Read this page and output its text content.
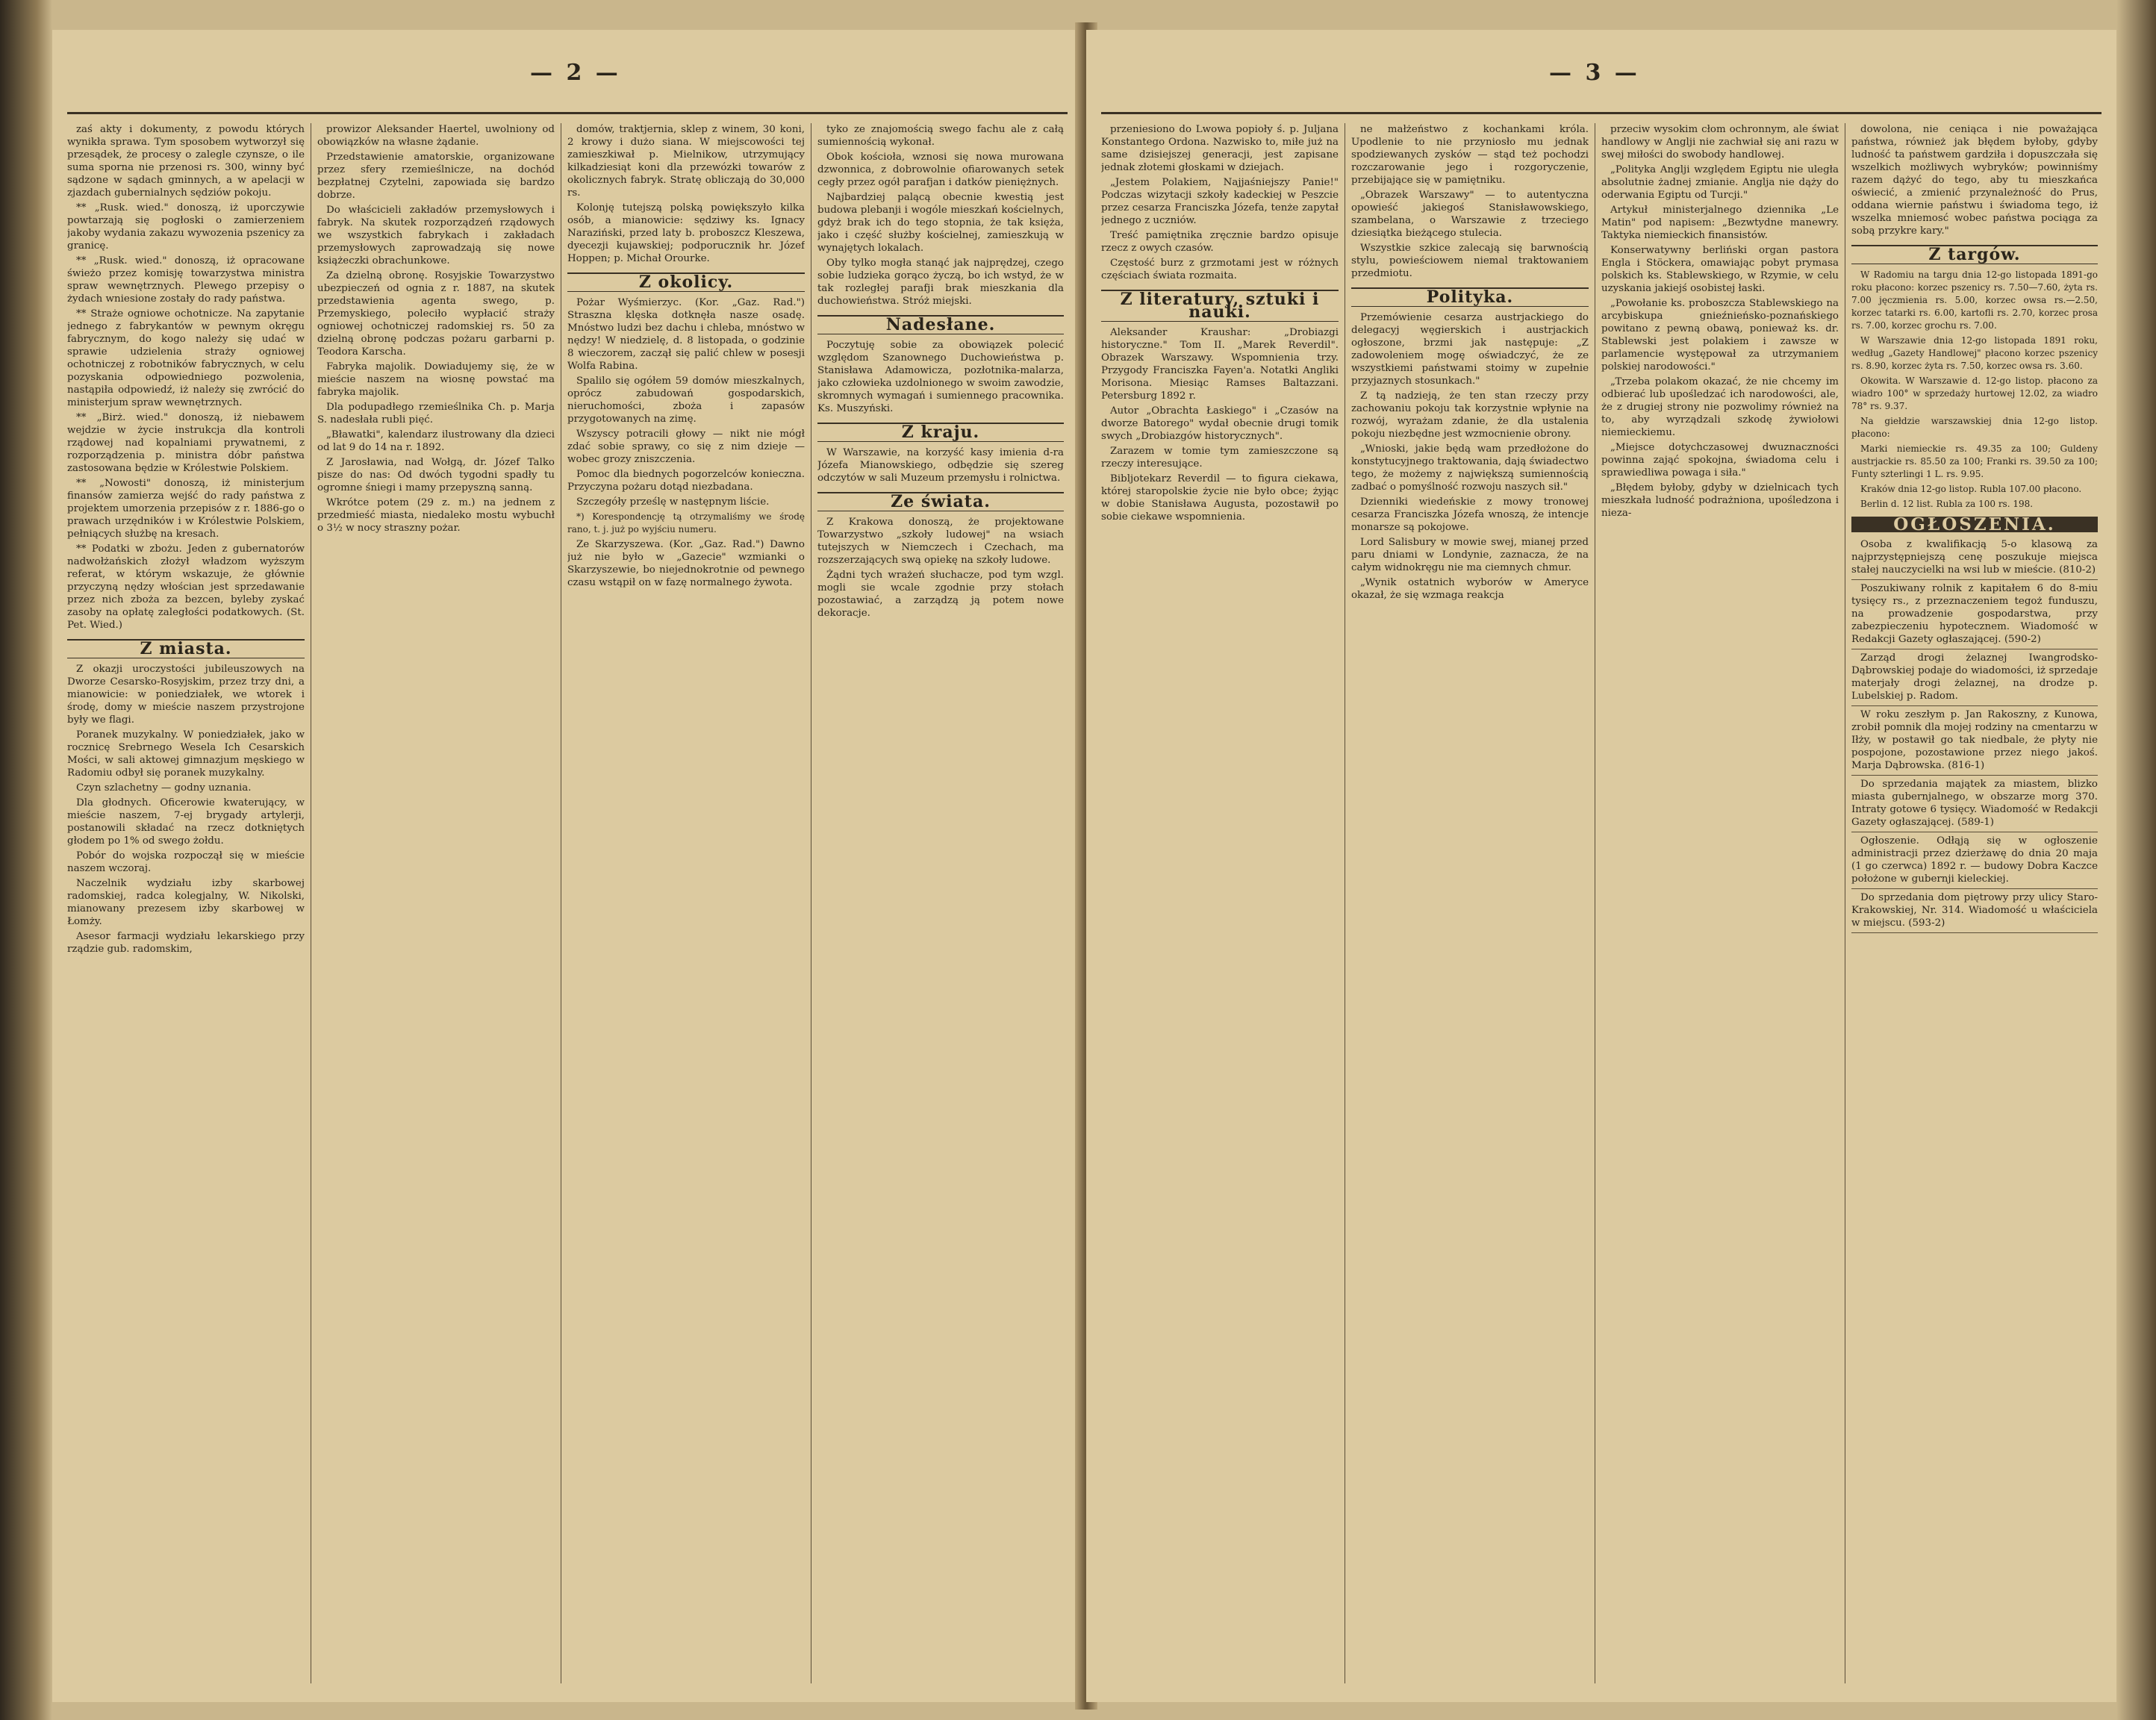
— 2 —

zaś akty i dokumenty, z powodu których wynikła sprawa. Tym sposobem wytworzył się przesądek, że procesy o zalegle czynsze, o ile suma sporna nie przenosi rs. 300, winny być sądzone w sądach gminnych, a w apelacji w zjazdach gubernialnych sędziów pokoju.

** „Rusk. wied." donoszą, iż uporczywie powtarzają się pogłoski o zamierzeniem jakoby wydania zakazu wywozenia pszenicy za granicę.

** „Rusk. wied." donoszą, iż opracowane świeżo przez komisję towarzystwa ministra spraw wewnętrznych. Plewego przepisy o żydach wniesione zostały do rady państwa.

** Straże ogniowe ochotnicze. Na zapytanie jednego z fabrykantów w pewnym okręgu fabrycznym, do kogo należy się udać w sprawie udzielenia straży ogniowej ochotniczej z robotników fabrycznych, w celu pozyskania odpowiedniego pozwolenia, nastąpiła odpowiedź, iż należy się zwrócić do ministerjum spraw wewnętrznych.

** „Birż. wied." donoszą, iż niebawem wejdzie w życie instrukcja dla kontroli rządowej nad kopalniami prywatnemi, z rozporządzenia p. ministra dóbr państwa zastosowana będzie w Królestwie Polskiem.

** „Nowosti" donoszą, iż ministerjum finansów zamierza wejść do rady państwa z projektem umorzenia przepisów z r. 1886-go o prawach urzędników i w Królestwie Polskiem, pełniących służbę na kresach.

** Podatki w zbożu. Jeden z gubernatorów nadwołżańskich złożył władzom wyższym referat, w którym wskazuje, że głównie przyczyną nędzy włościan jest sprzedawanie przez nich zboża za bezcen, byleby zyskać zasoby na opłatę zaległości podatkowych. (St. Pet. Wied.)

Z miasta.

Z okazji uroczystości jubileuszowych na Dworze Cesarsko-Rosyjskim, przez trzy dni, a mianowicie: w poniedziałek, we wtorek i środę, domy w mieście naszem przystrojone były we flagi.

Poranek muzykalny. W poniedziałek, jako w rocznicę Srebrnego Wesela Ich Cesarskich Mości, w sali aktowej gimnazjum męskiego w Radomiu odbył się poranek muzykalny.

Czyn szlachetny — godny uznania.

Dla głodnych. Oficerowie kwaterujący, w mieście naszem, 7-ej brygady artylerji, postanowili składać na rzecz dotkniętych głodem po 1% od swego żołdu.

Pobór do wojska rozpoczął się w mieście naszem wczoraj.

Naczelnik wydziału izby skarbowej radomskiej, radca kolegjalny, W. Nikolski, mianowany prezesem izby skarbowej w Łomży.

Asesor farmacji wydziału lekarskiego przy rządzie gub. radomskim,

prowizor Aleksander Haertel, uwolniony od obowiązków na własne żądanie.

Przedstawienie amatorskie, organizowane przez sfery rzemieślnicze, na dochód bezpłatnej Czytelni, zapowiada się bardzo dobrze.

Do właścicieli zakładów przemysłowych i fabryk. Na skutek rozporządzeń rządowych we wszystkich fabrykach i zakładach przemysłowych zaprowadzają się nowe książeczki obrachunkowe.

Za dzielną obronę. Rosyjskie Towarzystwo ubezpieczeń od ognia z r. 1887, na skutek przedstawienia agenta swego, p. Przemyskiego, poleciło wypłacić straży ogniowej ochotniczej radomskiej rs. 50 za dzielną obronę podczas pożaru garbarni p. Teodora Karscha.

Fabryka majolik. Dowiadujemy się, że w mieście naszem na wiosnę powstać ma fabryka majolik.

Dla podupadłego rzemieślnika Ch. p. Marja S. nadesłała rubli pięć.

„Bławatki", kalendarz ilustrowany dla dzieci od lat 9 do 14 na r. 1892.

Z Jarosławia, nad Wołgą, dr. Józef Talko pisze do nas: Od dwóch tygodni spadły tu ogromne śniegi i mamy przepyszną sanną.

Wkrótce potem (29 z. m.) na jednem z przedmieść miasta, niedaleko mostu wybuchł o 3½ w nocy straszny pożar.

domów, traktjernia, sklep z winem, 30 koni, 2 krowy i dużo siana. W miejscowości tej zamieszkiwał p. Mielnikow, utrzymujący kilkadziesiąt koni dla przewózki towarów z okolicznych fabryk. Stratę obliczają do 30,000 rs.

Kolonję tutejszą polską powiększyło kilka osób, a mianowicie: sędziwy ks. Ignacy Naraziński, przed laty b. proboszcz Kleszewa, dyecezji kujawskiej; podporucznik hr. Józef Hoppen; p. Michał Orourke.

Z okolicy.

Pożar Wyśmierzyc. (Kor. „Gaz. Rad.") Straszna klęska dotknęła nasze osadę. Mnóstwo ludzi bez dachu i chleba, mnóstwo w nędzy! W niedzielę, d. 8 listopada, o godzinie 8 wieczorem, zaczął się palić chlew w posesji Wolfa Rabina.

Spalilo się ogółem 59 domów mieszkalnych, oprócz zabudowań gospodarskich, nieruchomości, zboża i zapasów przygotowanych na zimę.

Wszyscy potracili głowy — nikt nie mógł zdać sobie sprawy, co się z nim dzieje — wobec grozy zniszczenia.

Pomoc dla biednych pogorzelców konieczna. Przyczyna pożaru dotąd niezbadana.

Szczegóły prześlę w następnym liście.

*) Korespondencję tą otrzymaliśmy we środę rano, t. j. już po wyjściu numeru.

Ze Skarzyszewa. (Kor. „Gaz. Rad.") Dawno już nie było w „Gazecie" wzmianki o Skarzyszewie, bo niejednokrotnie od pewnego czasu wstąpił on w fazę normalnego żywota.

tyko ze znajomością swego fachu ale z całą sumiennością wykonał.

Obok kościoła, wznosi się nowa murowana dzwonnica, z dobrowolnie ofiarowanych setek cegły przez ogół parafjan i datków pieniężnych.

Najbardziej palącą obecnie kwestią jest budowa plebanji i wogóle mieszkań kościelnych, gdyż brak ich do tego stopnia, że tak księża, jako i część służby kościelnej, zamieszkują w wynajętych lokalach.

Oby tylko mogła stanąć jak najprędzej, czego sobie ludzieka gorąco życzą, bo ich wstyd, że w tak rozległej parafji brak mieszkania dla duchowieństwa. Stróż miejski.

Nadesłane.

Poczytuję sobie za obowiązek polecić względom Szanownego Duchowieństwa p. Stanisława Adamowicza, pozłotnika-malarza, jako człowieka uzdolnionego w swoim zawodzie, skromnych wymagań i sumiennego pracownika. Ks. Muszyński.

Z kraju.

W Warszawie, na korzyść kasy imienia d-ra Józefa Mianowskiego, odbędzie się szereg odczytów w sali Muzeum przemysłu i rolnictwa.

Ze świata.

Z Krakowa donoszą, że projektowane Towarzystwo „szkoły ludowej" na wsiach tutejszych w Niemczech i Czechach, ma rozszerzających swą opiekę na szkoły ludowe.

Żądni tych wrażeń słuchacze, pod tym wzgl. mogli sie wcale zgodnie przy stołach pozostawiać, a zarządzą ją potem nowe dekoracje.

— 3 —

przeniesiono do Lwowa popioły ś. p. Juljana Konstantego Ordona. Nazwisko to, miłe już na same dzisiejszej generacji, jest zapisane jednak złotemi głoskami w dziejach.

„Jestem Polakiem, Najjaśniejszy Panie!" Podczas wizytacji szkoły kadeckiej w Peszcie przez cesarza Franciszka Józefa, tenże zapytał jednego z uczniów.

Treść pamiętnika zręcznie bardzo opisuje rzecz z owych czasów.

Częstość burz z grzmotami jest w różnych częściach świata rozmaita.

Z literatury, sztuki i nauki.

Aleksander Kraushar: „Drobiazgi historyczne." Tom II. „Marek Reverdil". Obrazek Warszawy. Wspomnienia trzy. Przygody Franciszka Fayen'a. Notatki Angliki Morisona. Miesiąc Ramses Baltazzani. Petersburg 1892 r.

Autor „Obrachta Łaskiego" i „Czasów na dworze Batorego" wydał obecnie drugi tomik swych „Drobiazgów historycznych".

Zarazem w tomie tym zamieszczone są rzeczy interesujące.

Bibljotekarz Reverdil — to figura ciekawa, której staropolskie życie nie było obce; żyjąc w dobie Stanisława Augusta, pozostawił po sobie ciekawe wspomnienia.

ne małżeństwo z kochankami króla. Upodlenie to nie przyniosło mu jednak spodziewanych zysków — stąd też pochodzi rozczarowanie jego i rozgoryczenie, przebijające się w pamiętniku.

„Obrazek Warszawy" — to autentyczna opowieść jakiegoś Stanisławowskiego, szambelana, o Warszawie z trzeciego dziesiątka bieżącego stulecia.

Wszystkie szkice zalecają się barwnością stylu, powieściowem niemal traktowaniem przedmiotu.

Polityka.

Przemówienie cesarza austrjackiego do delegacyj węgierskich i austrjackich ogłoszone, brzmi jak następuje: „Z zadowoleniem mogę oświadczyć, że ze wszystkiemi państwami stoimy w zupełnie przyjaznych stosunkach."

Z tą nadzieją, że ten stan rzeczy przy zachowaniu pokoju tak korzystnie wpłynie na rozwój, wyrażam zdanie, że dla ustalenia pokoju niezbędne jest wzmocnienie obrony.

„Wnioski, jakie będą wam przedłożone do konstytucyjnego traktowania, dają świadectwo tego, że możemy z największą sumiennością zadbać o pomyślność rozwoju naszych sił."

Dzienniki wiedeńskie z mowy tronowej cesarza Franciszka Józefa wnoszą, że intencje monarsze są pokojowe.

Lord Salisbury w mowie swej, mianej przed paru dniami w Londynie, zaznacza, że na całym widnokręgu nie ma ciemnych chmur.

„Wynik ostatnich wyborów w Ameryce okazał, że się wzmaga reakcja

przeciw wysokim cłom ochronnym, ale świat handlowy w Anglji nie zachwiał się ani razu w swej miłości do swobody handlowej.

„Polityka Anglji względem Egiptu nie uległa absolutnie żadnej zmianie. Anglja nie dąży do oderwania Egiptu od Turcji."

Artykuł ministerjalnego dziennika „Le Matin" pod napisem: „Bezwtydne manewry. Taktyka niemieckich finansistów.

Konserwatywny berliński organ pastora Engla i Stöckera, omawiając pobyt prymasa polskich ks. Stablewskiego, w Rzymie, w celu uzyskania jakiejś osobistej łaski.

„Powołanie ks. proboszcza Stablewskiego na arcybiskupa gnieźnieńsko-poznańskiego powitano z pewną obawą, ponieważ ks. dr. Stablewski jest polakiem i zawsze w parlamencie występował za utrzymaniem polskiej narodowości."

„Trzeba polakom okazać, że nie chcemy im odbierać lub upośledzać ich narodowości, ale, że z drugiej strony nie pozwolimy również na to, aby wyrządzali szkodę żywiołowi niemieckiemu.

„Miejsce dotychczasowej dwuznaczności powinna zająć spokojna, świadoma celu i sprawiedliwa powaga i siła."

„Błędem byłoby, gdyby w dzielnicach tych mieszkała ludność podrażniona, upośledzona i nieza-

dowolona, nie ceniąca i nie poważająca państwa, również jak błędem byłoby, gdyby ludność ta państwem gardziła i dopuszczała się wszelkich możliwych wybryków; powinniśmy razem dążyć do tego, aby tu mieszkańca oświecić, a zmienić przynależność do Prus, oddana wiernie państwu i świadoma tego, iż wszelka mniemosć wobec państwa pociąga za sobą przykre kary."

Z targów.

W Radomiu na targu dnia 12-go listopada 1891-go roku płacono: korzec pszenicy rs. 7.50—7.60, żyta rs. 7.00 jęczmienia rs. 5.00, korzec owsa rs.—2.50, korzec tatarki rs. 6.00, kartofli rs. 2.70, korzec prosa rs. 7.00, korzec grochu rs. 7.00.

W Warszawie dnia 12-go listopada 1891 roku, według „Gazety Handlowej" płacono korzec pszenicy rs. 8.90, korzec żyta rs. 7.50, korzec owsa rs. 3.60.

Okowita. W Warszawie d. 12-go listop. płacono za wiadro 100° w sprzedaży hurtowej 12.02, za wiadro 78° rs. 9.37.

Na giełdzie warszawskiej dnia 12-go listop. płacono:

Marki niemieckie rs. 49.35 za 100; Guldeny austrjackie rs. 85.50 za 100; Franki rs. 39.50 za 100; Funty szterlingi 1 L. rs. 9.95.

Kraków dnia 12-go listop. Rubla 107.00 płacono.

Berlin d. 12 list. Rubla za 100 rs. 198.

OGŁOSZENIA.

Osoba z kwalifikacją 5-o klasową za najprzystępniejszą cenę poszukuje miejsca stałej nauczycielki na wsi lub w mieście. (810-2)

Poszukiwany rolnik z kapitałem 6 do 8-miu tysięcy rs., z przeznaczeniem tegoż funduszu, na prowadzenie gospodarstwa, przy zabezpieczeniu hypotecznem. Wiadomość w Redakcji Gazety ogłaszającej. (590-2)

Zarząd drogi żelaznej Iwangrodsko-Dąbrowskiej podaje do wiadomości, iż sprzedaje materjały drogi żelaznej, na drodze p. Lubelskiej p. Radom.

W roku zeszłym p. Jan Rakoszny, z Kunowa, zrobił pomnik dla mojej rodziny na cmentarzu w Iłży, w postawił go tak niedbale, że płyty nie pospojone, pozostawione przez niego jakoś. Marja Dąbrowska. (816-1)

Do sprzedania majątek za miastem, blizko miasta gubernjalnego, w obszarze morg 370. Intraty gotowe 6 tysięcy. Wiadomość w Redakcji Gazety ogłaszającej. (589-1)

Ogłoszenie. Odłąją się w ogłoszenie administracji przez dzierżawę do dnia 20 maja (1 go czerwca) 1892 r. — budowy Dobra Kaczce położone w gubernji kieleckiej.

Do sprzedania dom piętrowy przy ulicy Staro-Krakowskiej, Nr. 314. Wiadomość u właściciela w miejscu. (593-2)
